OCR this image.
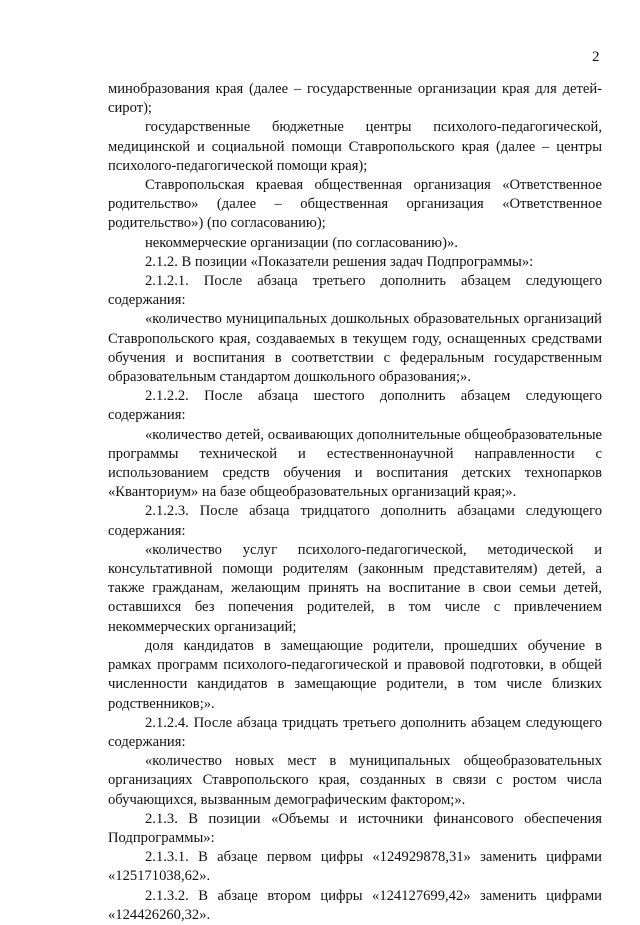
2

минобразования края (далее – государственные организации края для детей-сирот);

государственные бюджетные центры психолого-педагогической, медицинской и социальной помощи Ставропольского края (далее – центры психолого-педагогической помощи края);

Ставропольская краевая общественная организация «Ответственное родительство» (далее – общественная организация «Ответственное родительство») (по согласованию);

некоммерческие организации (по согласованию)».

2.1.2. В позиции «Показатели решения задач Подпрограммы»:

2.1.2.1. После абзаца третьего дополнить абзацем следующего содержания:

«количество муниципальных дошкольных образовательных организаций Ставропольского края, создаваемых в текущем году, оснащенных средствами обучения и воспитания в соответствии с федеральным государственным образовательным стандартом дошкольного образования;».

2.1.2.2. После абзаца шестого дополнить абзацем следующего содержания:

«количество детей, осваивающих дополнительные общеобразовательные программы технической и естественнонаучной направленности с использованием средств обучения и воспитания детских технопарков «Кванториум» на базе общеобразовательных организаций края;».

2.1.2.3. После абзаца тридцатого дополнить абзацами следующего содержания:

«количество услуг психолого-педагогической, методической и консультативной помощи родителям (законным представителям) детей, а также гражданам, желающим принять на воспитание в свои семьи детей, оставшихся без попечения родителей, в том числе с привлечением некоммерческих организаций;

доля кандидатов в замещающие родители, прошедших обучение в рамках программ психолого-педагогической и правовой подготовки, в общей численности кандидатов в замещающие родители, в том числе близких родственников;».

2.1.2.4. После абзаца тридцать третьего дополнить абзацем следующего содержания:

«количество новых мест в муниципальных общеобразовательных организациях Ставропольского края, созданных в связи с ростом числа обучающихся, вызванным демографическим фактором;».

2.1.3. В позиции «Объемы и источники финансового обеспечения Подпрограммы»:

2.1.3.1. В абзаце первом цифры «124929878,31» заменить цифрами «125171038,62».

2.1.3.2. В абзаце втором цифры «124127699,42» заменить цифрами «124426260,32».
